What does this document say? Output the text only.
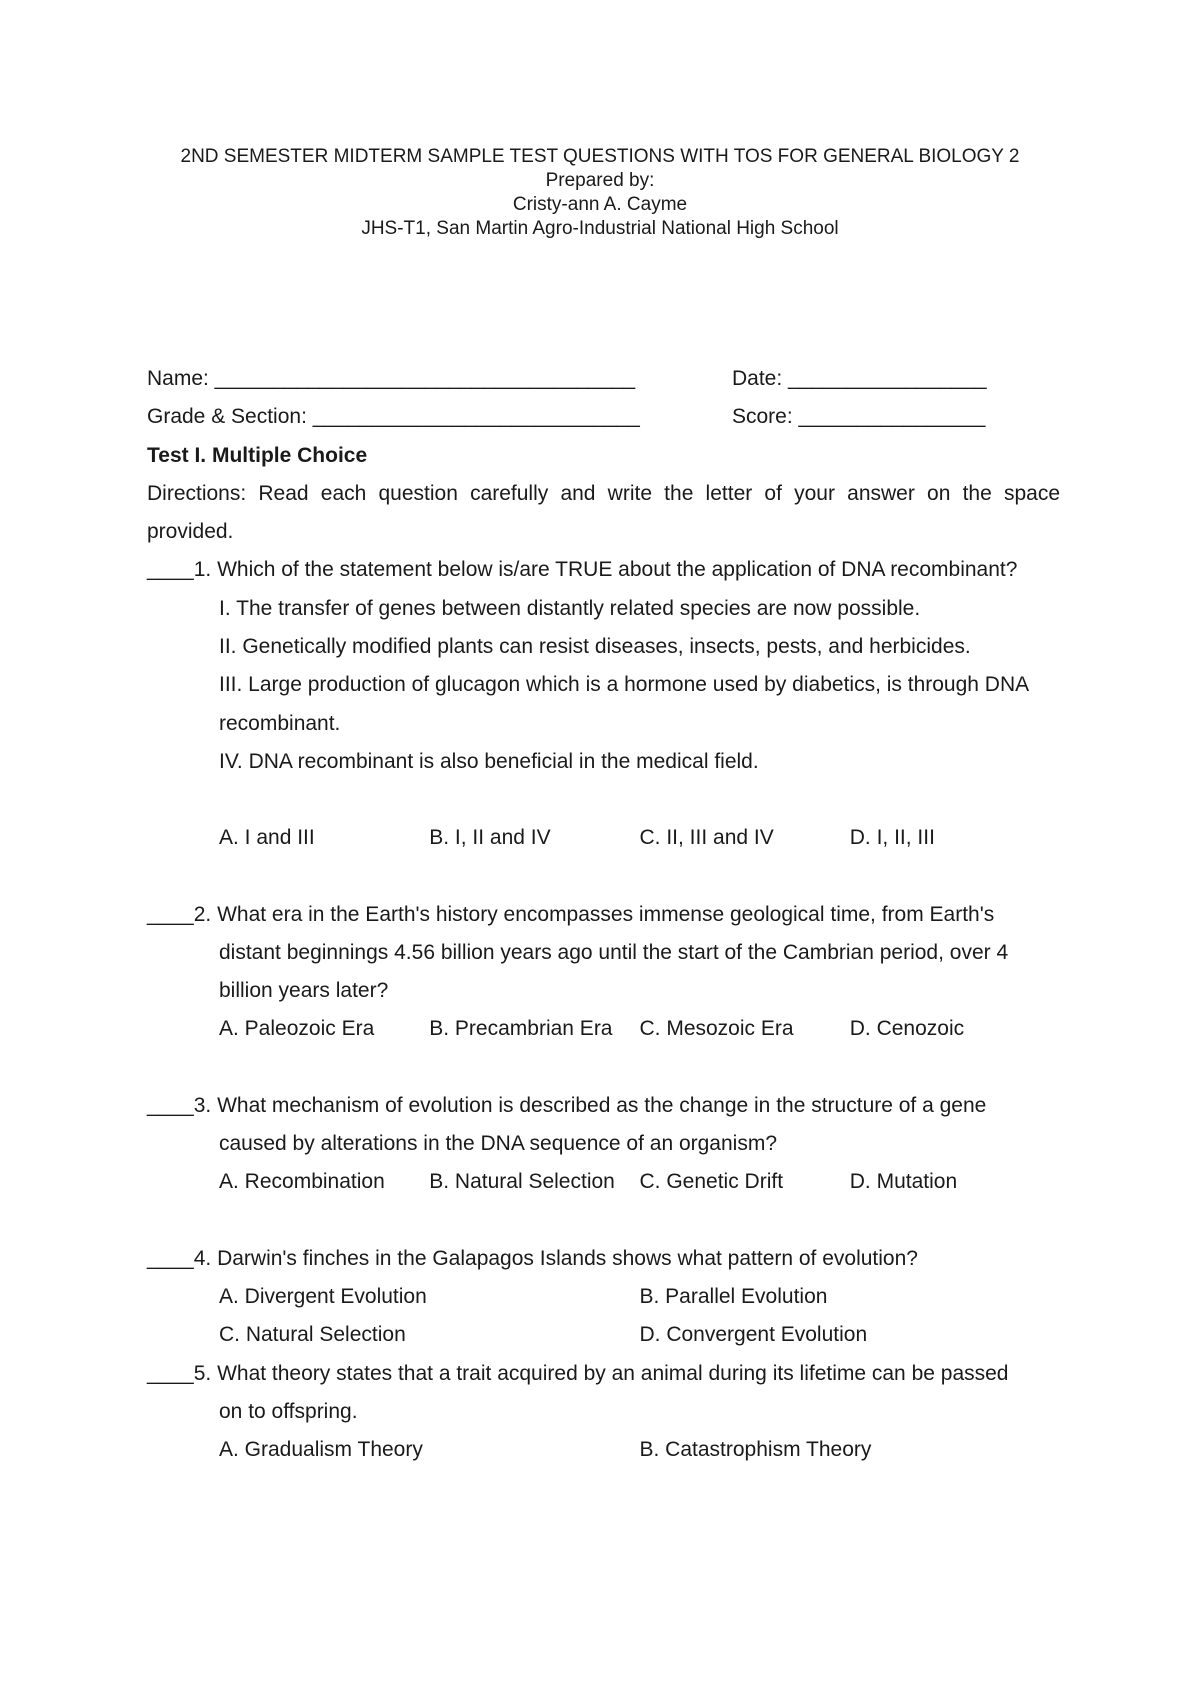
2ND SEMESTER MIDTERM SAMPLE TEST QUESTIONS WITH TOS FOR GENERAL BIOLOGY 2
Prepared by:
Cristy-ann A. Cayme
JHS-T1, San Martin Agro-Industrial National High School
Name: ____________________________________	Date: _________________
Grade & Section: ____________________________	Score: ________________
Test I. Multiple Choice
Directions: Read each question carefully and write the letter of your answer on the space provided.
____1. Which of the statement below is/are TRUE about the application of DNA recombinant?
I. The transfer of genes between distantly related species are now possible.
II. Genetically modified plants can resist diseases, insects, pests, and herbicides.
III. Large production of glucagon which is a hormone used by diabetics, is through DNA
recombinant.
IV. DNA recombinant is also beneficial in the medical field.
A. I and III	B. I, II and IV	C. II, III and IV	D. I, II, III
____2. What era in the Earth's history encompasses immense geological time, from Earth's
distant beginnings 4.56 billion years ago until the start of the Cambrian period, over 4
billion years later?
A. Paleozoic Era	B. Precambrian Era	C. Mesozoic Era	D. Cenozoic
____3. What mechanism of evolution is described as the change in the structure of a gene
caused by alterations in the DNA sequence of an organism?
A. Recombination	B. Natural Selection	C. Genetic Drift	D. Mutation
____4. Darwin's finches in the Galapagos Islands shows what pattern of evolution?
A. Divergent Evolution	B. Parallel Evolution
C. Natural Selection	D. Convergent Evolution
____5. What theory states that a trait acquired by an animal during its lifetime can be passed
on to offspring.
A. Gradualism Theory	B. Catastrophism Theory
